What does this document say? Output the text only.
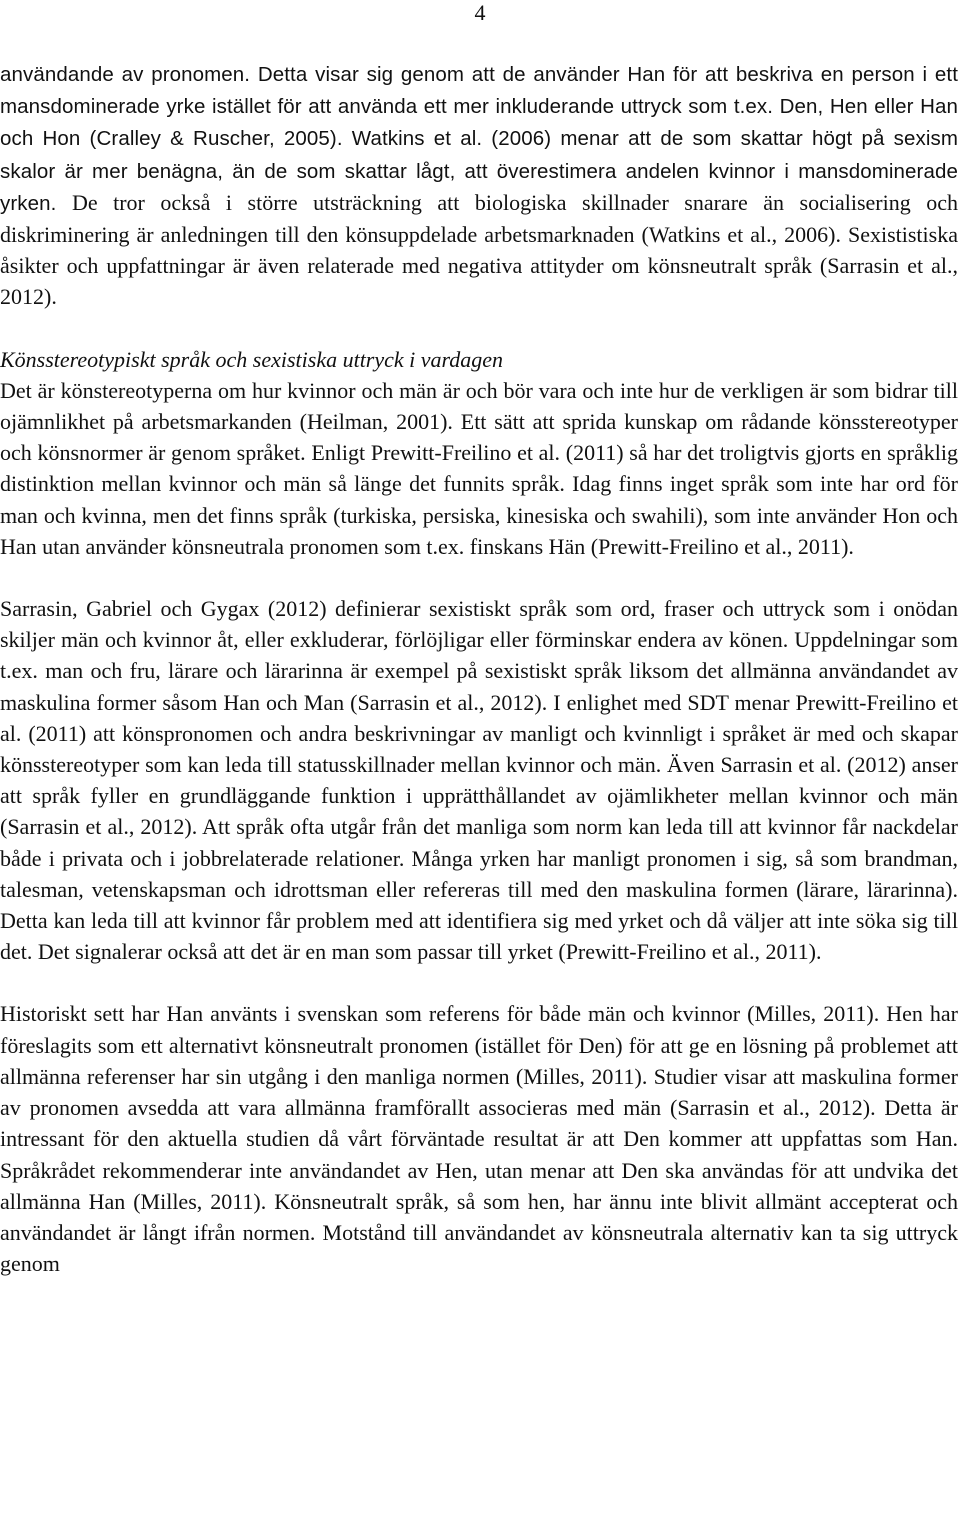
4

användande av pronomen. Detta visar sig genom att de använder Han för att beskriva en person i ett mansdominerade yrke istället för att använda ett mer inkluderande uttryck som t.ex. Den, Hen eller Han och Hon (Cralley & Ruscher, 2005). Watkins et al. (2006) menar att de som skattar högt på sexism skalor är mer benägna, än de som skattar lågt, att överestimera andelen kvinnor i mansdominerade yrken. De tror också i större utsträckning att biologiska skillnader snarare än socialisering och diskriminering är anledningen till den könsuppdelade arbetsmarknaden (Watkins et al., 2006). Sexististiska åsikter och uppfattningar är även relaterade med negativa attityder om könsneutralt språk (Sarrasin et al., 2012).

Könsstereotypiskt språk och sexistiska uttryck i vardagen

Det är könstereotyperna om hur kvinnor och män är och bör vara och inte hur de verkligen är som bidrar till ojämnlikhet på arbetsmarkanden (Heilman, 2001). Ett sätt att sprida kunskap om rådande könsstereotyper och könsnormer är genom språket. Enligt Prewitt-Freilino et al. (2011) så har det troligtvis gjorts en språklig distinktion mellan kvinnor och män så länge det funnits språk. Idag finns inget språk som inte har ord för man och kvinna, men det finns språk (turkiska, persiska, kinesiska och swahili), som inte använder Hon och Han utan använder könsneutrala pronomen som t.ex. finskans Hän (Prewitt-Freilino et al., 2011).

Sarrasin, Gabriel och Gygax (2012) definierar sexistiskt språk som ord, fraser och uttryck som i onödan skiljer män och kvinnor åt, eller exkluderar, förlöjligar eller förminskar endera av könen. Uppdelningar som t.ex. man och fru, lärare och lärarinna är exempel på sexistiskt språk liksom det allmänna användandet av maskulina former såsom Han och Man (Sarrasin et al., 2012). I enlighet med SDT menar Prewitt-Freilino et al. (2011) att könspronomen och andra beskrivningar av manligt och kvinnligt i språket är med och skapar könsstereotyper som kan leda till statusskillnader mellan kvinnor och män. Även Sarrasin et al. (2012) anser att språk fyller en grundläggande funktion i upprätthållandet av ojämlikheter mellan kvinnor och män (Sarrasin et al., 2012). Att språk ofta utgår från det manliga som norm kan leda till att kvinnor får nackdelar både i privata och i jobbrelaterade relationer. Många yrken har manligt pronomen i sig, så som brandman, talesman, vetenskapsman och idrottsman eller refereras till med den maskulina formen (lärare, lärarinna). Detta kan leda till att kvinnor får problem med att identifiera sig med yrket och då väljer att inte söka sig till det. Det signalerar också att det är en man som passar till yrket (Prewitt-Freilino et al., 2011).

Historiskt sett har Han använts i svenskan som referens för både män och kvinnor (Milles, 2011). Hen har föreslagits som ett alternativt könsneutralt pronomen (istället för Den) för att ge en lösning på problemet att allmänna referenser har sin utgång i den manliga normen (Milles, 2011). Studier visar att maskulina former av pronomen avsedda att vara allmänna framförallt associeras med män (Sarrasin et al., 2012). Detta är intressant för den aktuella studien då vårt förväntade resultat är att Den kommer att uppfattas som Han. Språkrådet rekommenderar inte användandet av Hen, utan menar att Den ska användas för att undvika det allmänna Han (Milles, 2011). Könsneutralt språk, så som hen, har ännu inte blivit allmänt accepterat och användandet är långt ifrån normen. Motstånd till användandet av könsneutrala alternativ kan ta sig uttryck genom
